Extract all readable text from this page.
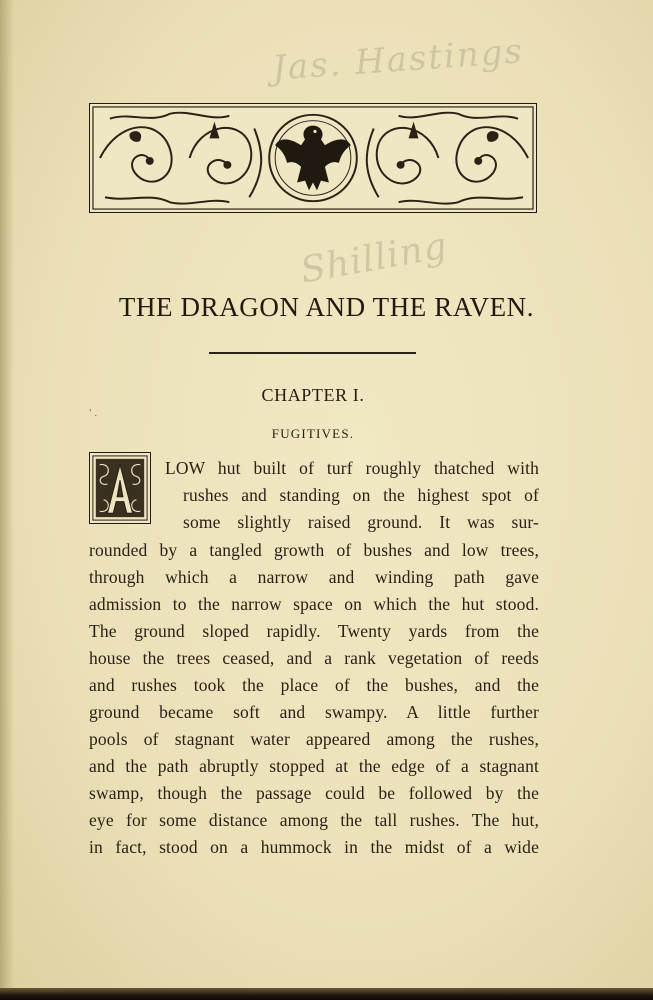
Jas. Hastings
Shilling
THE DRAGON AND THE RAVEN.
CHAPTER I.
' .
FUGITIVES.

LOW hut built of turf roughly thatched with

rushes and standing on the highest spot of

some slightly raised ground. It was sur-

rounded by a tangled growth of bushes and low trees,

through which a narrow and winding path gave

admission to the narrow space on which the hut stood.

The ground sloped rapidly. Twenty yards from the

house the trees ceased, and a rank vegetation of reeds

and rushes took the place of the bushes, and the

ground became soft and swampy. A little further

pools of stagnant water appeared among the rushes,

and the path abruptly stopped at the edge of a stagnant

swamp, though the passage could be followed by the

eye for some distance among the tall rushes. The hut,

in fact, stood on a hummock in the midst of a wide
